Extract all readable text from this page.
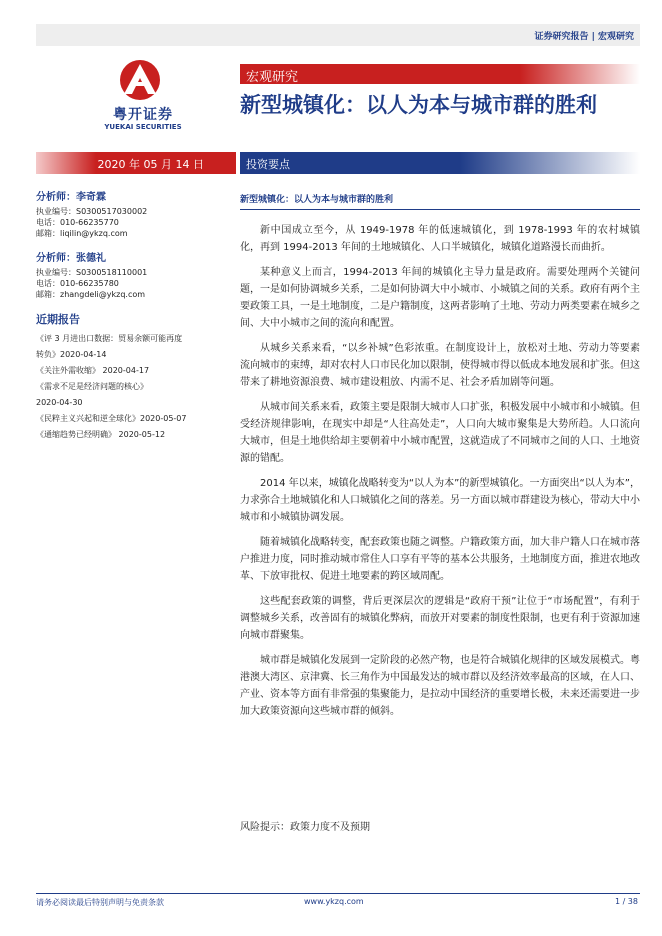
证券研究报告 | 宏观研究
粤开证券
YUEKAI SECURITIES
宏观研究
新型城镇化：以人为本与城市群的胜利
2020 年 05 月 14 日	投资要点
分析师：李奇霖
执业编号：S0300517030002
电话：010-66235770
邮箱：liqilin@ykzq.com
分析师：张德礼
执业编号：S0300518110001
电话：010-66235780
邮箱：zhangdeli@ykzq.com
近期报告
《评 3 月进出口数据：贸易余额可能再度
转负》2020-04-14
《关注外需收缩》 2020-04-17
《需求不足是经济问题的核心》
2020-04-30
《民粹主义兴起和逆全球化》2020-05-07
《通缩趋势已经明确》 2020-05-12
新型城镇化：以人为本与城市群的胜利

新中国成立至今，从 1949-1978 年的低速城镇化，到 1978-1993 年的农村城镇化，再到 1994-2013 年间的土地城镇化、人口半城镇化，城镇化道路漫长而曲折。

某种意义上而言，1994-2013 年间的城镇化主导力量是政府。需要处理两个关键问题，一是如何协调城乡关系，二是如何协调大中小城市、小城镇之间的关系。政府有两个主要政策工具，一是土地制度，二是户籍制度，这两者影响了土地、劳动力两类要素在城乡之间、大中小城市之间的流向和配置。

从城乡关系来看，“以乡补城”色彩浓重。在制度设计上，放松对土地、劳动力等要素流向城市的束缚，却对农村人口市民化加以限制，使得城市得以低成本地发展和扩张。但这带来了耕地资源浪费、城市建设粗放、内需不足、社会矛盾加剧等问题。

从城市间关系来看，政策主要是限制大城市人口扩张，积极发展中小城市和小城镇。但受经济规律影响，在现实中却是“人往高处走”，人口向大城市聚集是大势所趋。人口流向大城市，但是土地供给却主要朝着中小城市配置，这就造成了不同城市之间的人口、土地资源的错配。

2014 年以来，城镇化战略转变为“以人为本”的新型城镇化。一方面突出“以人为本”，力求弥合土地城镇化和人口城镇化之间的落差。另一方面以城市群建设为核心，带动大中小城市和小城镇协调发展。

随着城镇化战略转变，配套政策也随之调整。户籍政策方面，加大非户籍人口在城市落户推进力度，同时推动城市常住人口享有平等的基本公共服务，土地制度方面，推进农地改革、下放审批权、促进土地要素的跨区域周配。

这些配套政策的调整，背后更深层次的逻辑是“政府干预”让位于“市场配置”，有利于调整城乡关系，改善固有的城镇化弊病，而放开对要素的制度性限制，也更有利于资源加速向城市群聚集。

城市群是城镇化发展到一定阶段的必然产物，也是符合城镇化规律的区域发展模式。粤港澳大湾区、京津冀、长三角作为中国最发达的城市群以及经济效率最高的区域，在人口、产业、资本等方面有非常强的集聚能力，是拉动中国经济的重要增长极，未来还需要进一步加大政策资源向这些城市群的倾斜。

风险提示：政策力度不及预期
请务必阅读最后特别声明与免责条款	www.ykzq.com	1 / 38
